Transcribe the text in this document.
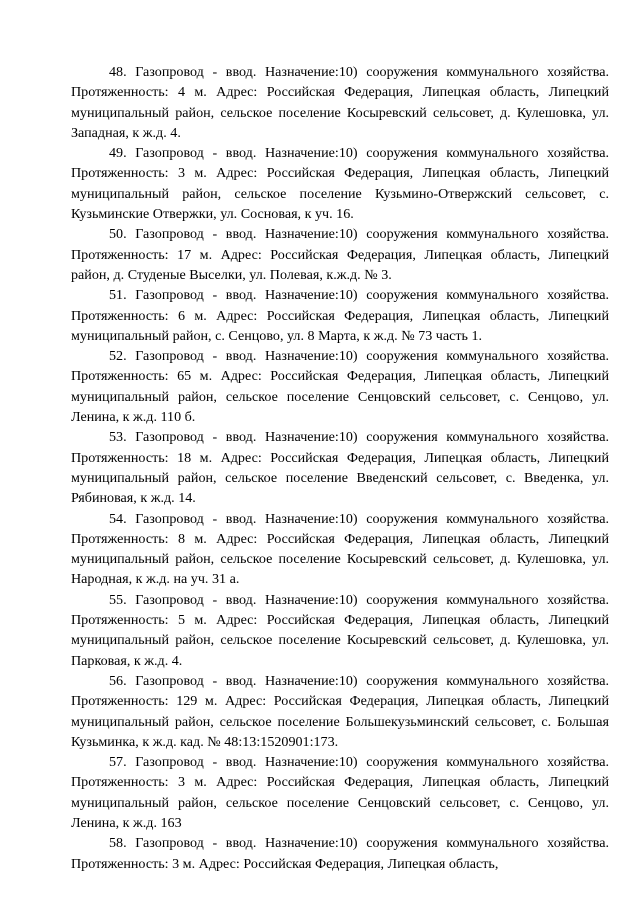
48. Газопровод - ввод. Назначение:10) сооружения коммунального хозяйства. Протяженность: 4 м. Адрес: Российская Федерация, Липецкая область, Липецкий муниципальный район, сельское поселение Косыревский сельсовет, д. Кулешовка, ул. Западная, к ж.д. 4.

49. Газопровод - ввод. Назначение:10) сооружения коммунального хозяйства. Протяженность: 3 м. Адрес: Российская Федерация, Липецкая область, Липецкий муниципальный район, сельское поселение Кузьмино-Отвержский сельсовет, с. Кузьминские Отвержки, ул. Сосновая, к уч. 16.

50. Газопровод - ввод. Назначение:10) сооружения коммунального хозяйства. Протяженность: 17 м. Адрес: Российская Федерация, Липецкая область, Липецкий район, д. Студеные Выселки, ул. Полевая, к.ж.д. № 3.

51. Газопровод - ввод. Назначение:10) сооружения коммунального хозяйства. Протяженность: 6 м. Адрес: Российская Федерация, Липецкая область, Липецкий муниципальный район, с. Сенцово, ул. 8 Марта, к ж.д. № 73 часть 1.

52. Газопровод - ввод. Назначение:10) сооружения коммунального хозяйства. Протяженность: 65 м. Адрес: Российская Федерация, Липецкая область, Липецкий муниципальный район, сельское поселение Сенцовский сельсовет, с. Сенцово, ул. Ленина, к ж.д. 110 б.

53. Газопровод - ввод. Назначение:10) сооружения коммунального хозяйства. Протяженность: 18 м. Адрес: Российская Федерация, Липецкая область, Липецкий муниципальный район, сельское поселение Введенский сельсовет, с. Введенка, ул. Рябиновая, к ж.д. 14.

54. Газопровод - ввод. Назначение:10) сооружения коммунального хозяйства. Протяженность: 8 м. Адрес: Российская Федерация, Липецкая область, Липецкий муниципальный район, сельское поселение Косыревский сельсовет, д. Кулешовка, ул. Народная, к ж.д. на уч. 31 а.

55. Газопровод - ввод. Назначение:10) сооружения коммунального хозяйства. Протяженность: 5 м. Адрес: Российская Федерация, Липецкая область, Липецкий муниципальный район, сельское поселение Косыревский сельсовет, д. Кулешовка, ул. Парковая, к ж.д. 4.

56. Газопровод - ввод. Назначение:10) сооружения коммунального хозяйства. Протяженность: 129 м. Адрес: Российская Федерация, Липецкая область, Липецкий муниципальный район, сельское поселение Большекузьминский сельсовет, с. Большая Кузьминка, к ж.д. кад. № 48:13:1520901:173.

57. Газопровод - ввод. Назначение:10) сооружения коммунального хозяйства. Протяженность: 3 м. Адрес: Российская Федерация, Липецкая область, Липецкий муниципальный район, сельское поселение Сенцовский сельсовет, с. Сенцово, ул. Ленина, к ж.д. 163

58. Газопровод - ввод. Назначение:10) сооружения коммунального хозяйства. Протяженность: 3 м. Адрес: Российская Федерация, Липецкая область,
